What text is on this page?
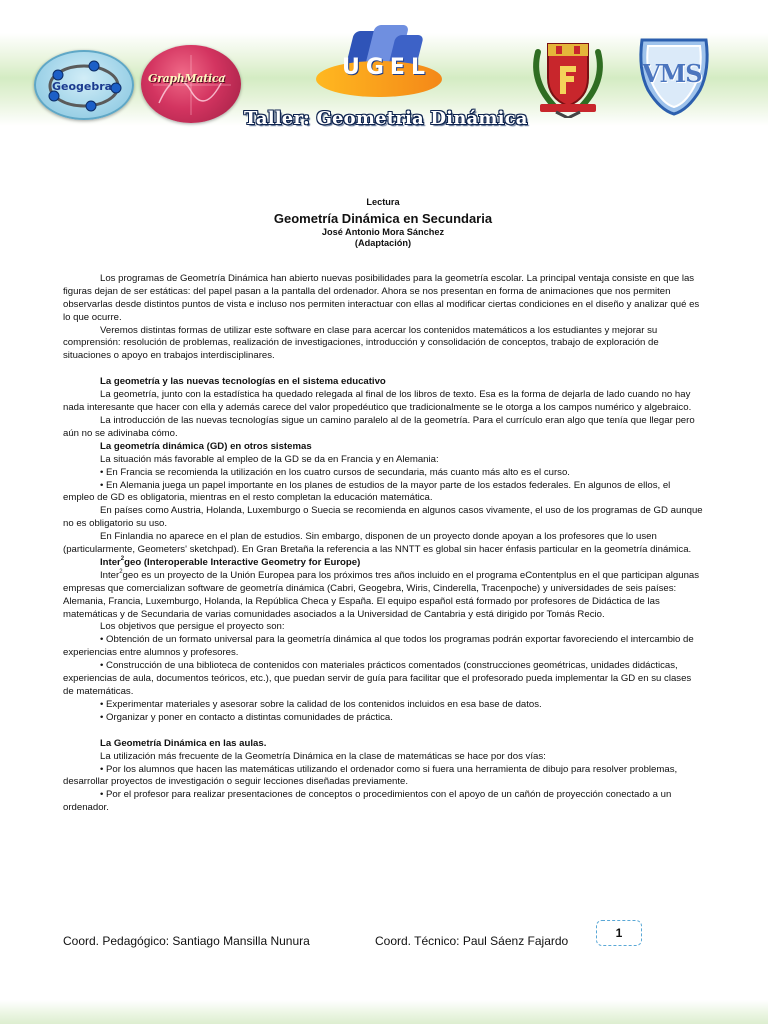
Geogebra
GraphMatica	UGEL	VMS
Taller: Geometria Dinámica
Lectura
Geometría Dinámica en Secundaria
José Antonio Mora Sánchez
(Adaptación)

Los programas de Geometría Dinámica han abierto nuevas posibilidades para la geometría escolar. La principal ventaja consiste en que las figuras dejan de ser estáticas: del papel pasan a la pantalla del ordenador. Ahora se nos presentan en forma de animaciones que nos permiten observarlas desde distintos puntos de vista e incluso nos permiten interactuar con ellas al modificar ciertas condiciones en el diseño y analizar qué es lo que ocurre.

Veremos distintas formas de utilizar este software en clase para acercar los contenidos matemáticos a los estudiantes y mejorar su comprensión: resolución de problemas, realización de investigaciones, introducción y consolidación de conceptos, trabajo de exploración de situaciones o apoyo en trabajos interdisciplinares.

La geometría y las nuevas tecnologías en el sistema educativo

La geometría, junto con la estadística ha quedado relegada al final de los libros de texto. Esa es la forma de dejarla de lado cuando no hay nada interesante que hacer con ella y además carece del valor propedéutico que tradicionalmente se le otorga a los campos numérico y algebraico.

La introducción de las nuevas tecnologías sigue un camino paralelo al de la geometría. Para el currículo eran algo que tenía que llegar pero aún no se adivinaba cómo.

La geometría dinámica (GD) en otros sistemas

La situación más favorable al empleo de la GD se da en Francia y en Alemania:

• En Francia se recomienda la utilización en los cuatro cursos de secundaria, más cuanto más alto es el curso.

• En Alemania juega un papel importante en los planes de estudios de la mayor parte de los estados federales. En algunos de ellos, el empleo de GD es obligatoria, mientras en el resto completan la educación matemática.

En países como Austria, Holanda, Luxemburgo o Suecia se recomienda en algunos casos vivamente, el uso de los programas de GD aunque no es obligatorio su uso.

En Finlandia no aparece en el plan de estudios. Sin embargo, disponen de un proyecto donde apoyan a los profesores que lo usen (particularmente, Geometers' sketchpad). En Gran Bretaña la referencia a las NNTT es global sin hacer énfasis particular en la geometría dinámica.

Inter$^2$geo (Interoperable Interactive Geometry for Europe)

Inter$^2$geo es un proyecto de la Unión Europea para los próximos tres años incluido en el programa eContentplus en el que participan algunas empresas que comercializan software de geometría dinámica (Cabri, Geogebra, Wiris, Cinderella, Tracenpoche) y universidades de seis países: Alemania, Francia, Luxemburgo, Holanda, la República Checa y España. El equipo español está formado por profesores de Didáctica de las matemáticas y de Secundaria de varias comunidades asociados a la Universidad de Cantabria y está dirigido por Tomás Recio.

Los objetivos que persigue el proyecto son:

• Obtención de un formato universal para la geometría dinámica al que todos los programas podrán exportar favoreciendo el intercambio de experiencias entre alumnos y profesores.

• Construcción de una biblioteca de contenidos con materiales prácticos comentados (construcciones geométricas, unidades didácticas, experiencias de aula, documentos teóricos, etc.), que puedan servir de guía para facilitar que el profesorado pueda implementar la GD en su clases de matemáticas.

• Experimentar materiales y asesorar sobre la calidad de los contenidos incluidos en esa base de datos.

• Organizar y poner en contacto a distintas comunidades de práctica.

La Geometría Dinámica en las aulas.

La utilización más frecuente de la Geometría Dinámica en la clase de matemáticas se hace por dos vías:

• Por los alumnos que hacen las matemáticas utilizando el ordenador como si fuera una herramienta de dibujo para resolver problemas, desarrollar proyectos de investigación o seguir lecciones diseñadas previamente.

• Por el profesor para realizar presentaciones de conceptos o procedimientos con el apoyo de un cañón de proyección conectado a un ordenador.

Coord. Pedagógico: Santiago Mansilla Nunura	Coord. Técnico: Paul Sáenz Fajardo
1
